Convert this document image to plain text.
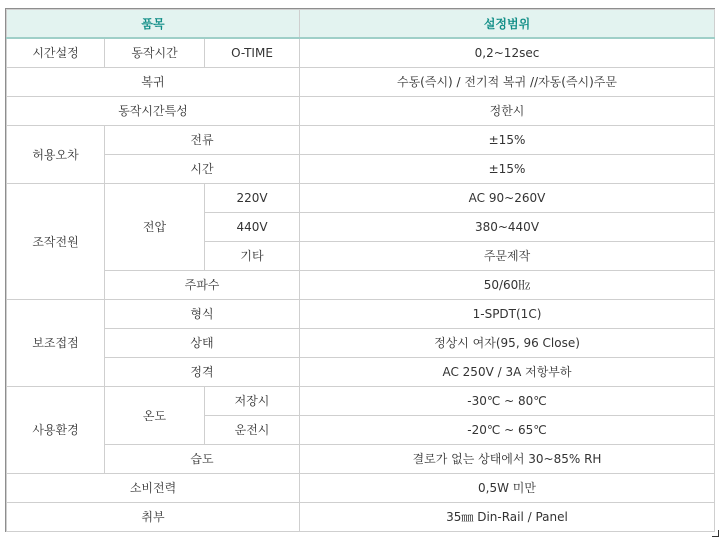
품목			설정범위
시간설정	동작시간	O-TIME	0,2~12sec
복귀			수동(즉시) / 전기적 복귀 //자동(즉시)주문
동작시간특성			정한시
허용오차	전류		±15%
	시간		±15%
조작전원	전압	220V	AC 90~260V
		440V	380~440V
		기타	주문제작
	주파수		50/60㎐
보조접점	형식		1-SPDT(1C)
	상태		정상시 여자(95, 96 Close)
	정격		AC 250V / 3A 저항부하
사용환경	온도	저장시	-30℃ ~ 80℃
		운전시	-20℃ ~ 65℃
	습도		결로가 없는 상태에서 30~85% RH
소비전력			0,5W 미만
취부			35㎜ Din-Rail / Panel
